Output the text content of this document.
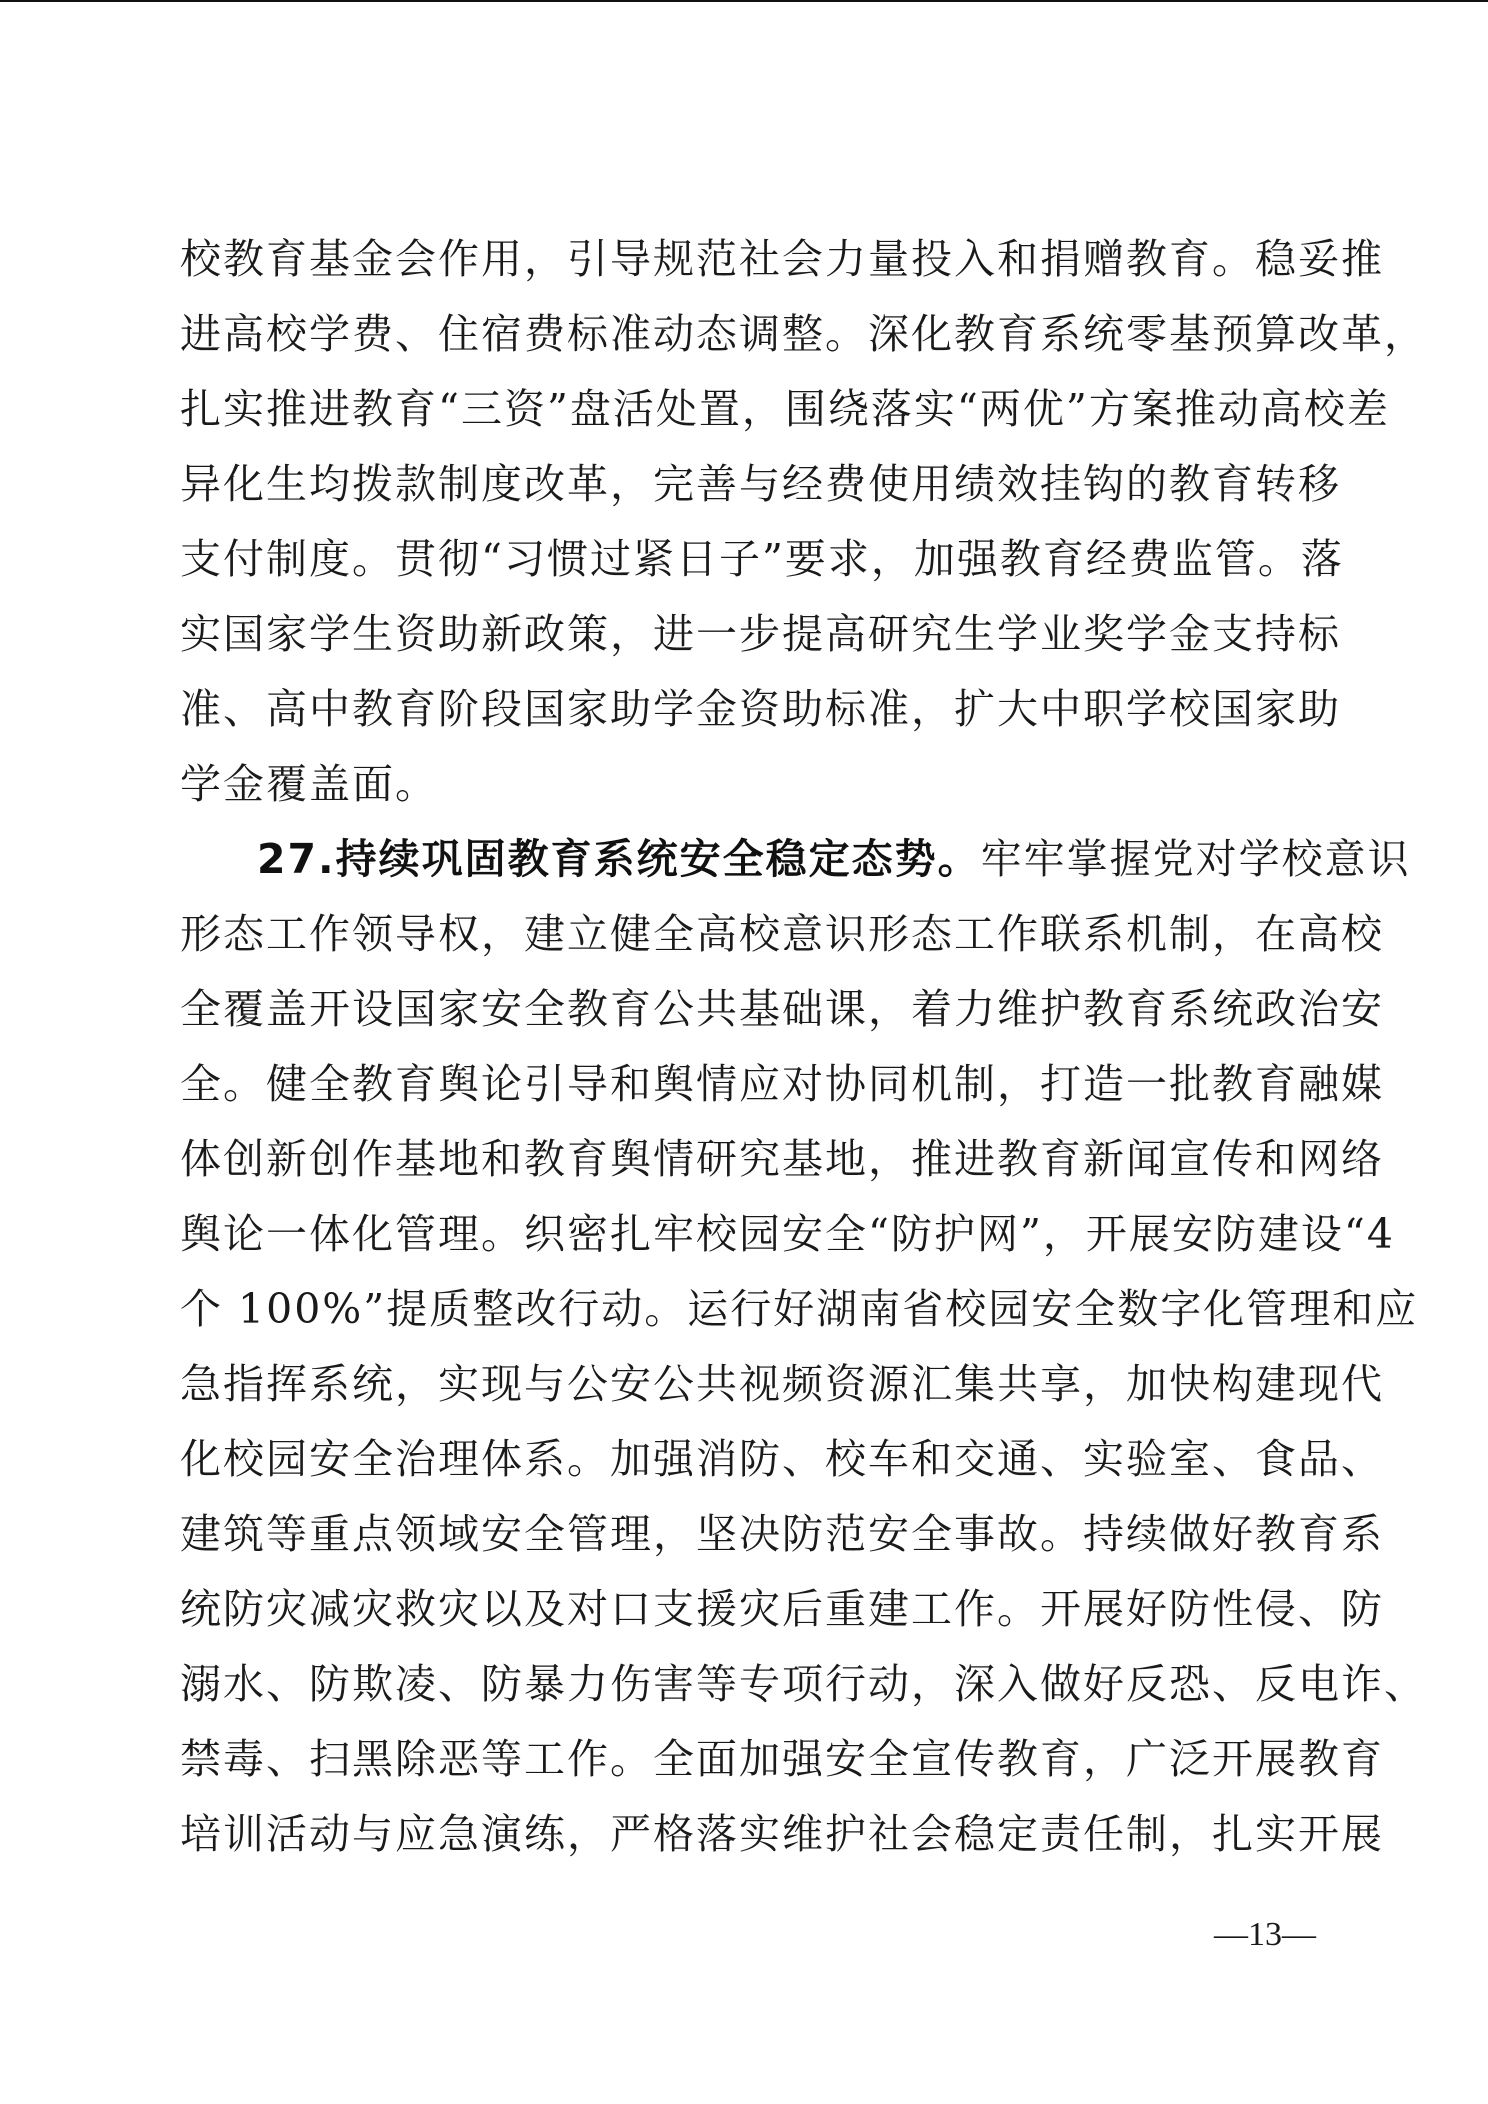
校教育基金会作用，引导规范社会力量投入和捐赠教育。稳妥推
进高校学费、住宿费标准动态调整。深化教育系统零基预算改革，
扎实推进教育“三资”盘活处置，围绕落实“两优”方案推动高校差
异化生均拨款制度改革，完善与经费使用绩效挂钩的教育转移
支付制度。贯彻“习惯过紧日子”要求，加强教育经费监管。落
实国家学生资助新政策，进一步提高研究生学业奖学金支持标
准、高中教育阶段国家助学金资助标准，扩大中职学校国家助
学金覆盖面。
27.持续巩固教育系统安全稳定态势。牢牢掌握党对学校意识
形态工作领导权，建立健全高校意识形态工作联系机制，在高校
全覆盖开设国家安全教育公共基础课，着力维护教育系统政治安
全。健全教育舆论引导和舆情应对协同机制，打造一批教育融媒
体创新创作基地和教育舆情研究基地，推进教育新闻宣传和网络
舆论一体化管理。织密扎牢校园安全“防护网”，开展安防建设“4
个 100%”提质整改行动。运行好湖南省校园安全数字化管理和应
急指挥系统，实现与公安公共视频资源汇集共享，加快构建现代
化校园安全治理体系。加强消防、校车和交通、实验室、食品、
建筑等重点领域安全管理，坚决防范安全事故。持续做好教育系
统防灾减灾救灾以及对口支援灾后重建工作。开展好防性侵、防
溺水、防欺凌、防暴力伤害等专项行动，深入做好反恐、反电诈、
禁毒、扫黑除恶等工作。全面加强安全宣传教育，广泛开展教育
培训活动与应急演练，严格落实维护社会稳定责任制，扎实开展
—13—
